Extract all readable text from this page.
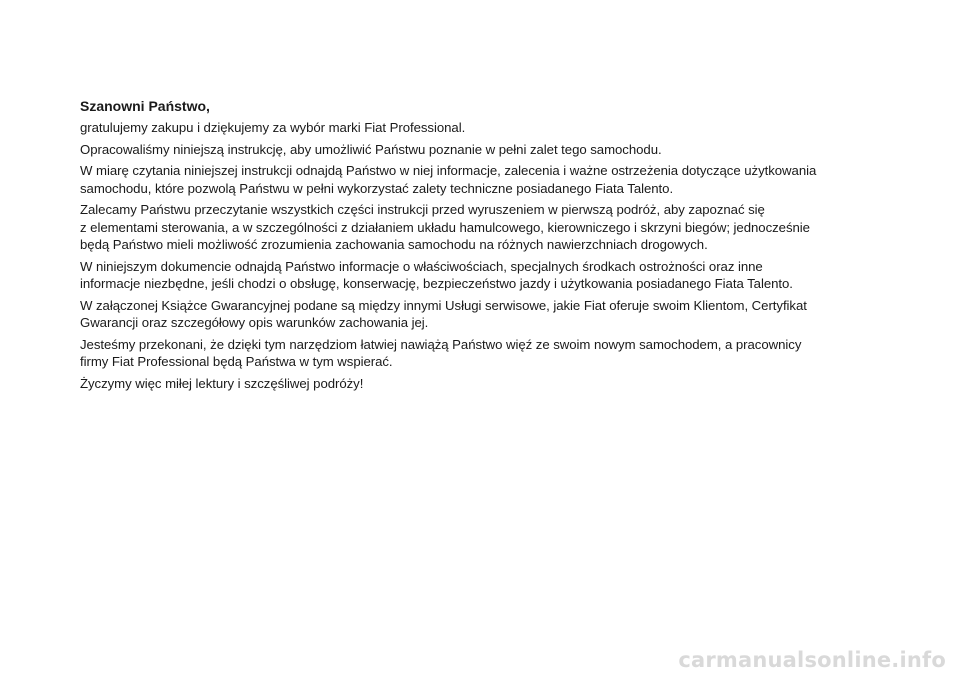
Szanowni Państwo,
gratulujemy zakupu i dziękujemy za wybór marki Fiat Professional.
Opracowaliśmy niniejszą instrukcję, aby umożliwić Państwu poznanie w pełni zalet tego samochodu.
W miarę czytania niniejszej instrukcji odnajdą Państwo w niej informacje, zalecenia i ważne ostrzeżenia dotyczące użytkowania
samochodu, które pozwolą Państwu w pełni wykorzystać zalety techniczne posiadanego Fiata Talento.
Zalecamy Państwu przeczytanie wszystkich części instrukcji przed wyruszeniem w pierwszą podróż, aby zapoznać się
z elementami sterowania, a w szczególności z działaniem układu hamulcowego, kierowniczego i skrzyni biegów; jednocześnie
będą Państwo mieli możliwość zrozumienia zachowania samochodu na różnych nawierzchniach drogowych.
W niniejszym dokumencie odnajdą Państwo informacje o właściwościach, specjalnych środkach ostrożności oraz inne
informacje niezbędne, jeśli chodzi o obsługę, konserwację, bezpieczeństwo jazdy i użytkowania posiadanego Fiata Talento.
W załączonej Książce Gwarancyjnej podane są między innymi Usługi serwisowe, jakie Fiat oferuje swoim Klientom, Certyfikat
Gwarancji oraz szczegółowy opis warunków zachowania jej.
Jesteśmy przekonani, że dzięki tym narzędziom łatwiej nawiążą Państwo więź ze swoim nowym samochodem, a pracownicy
firmy Fiat Professional będą Państwa w tym wspierać.
Życzymy więc miłej lektury i szczęśliwej podróży!
carmanualsonline.info
